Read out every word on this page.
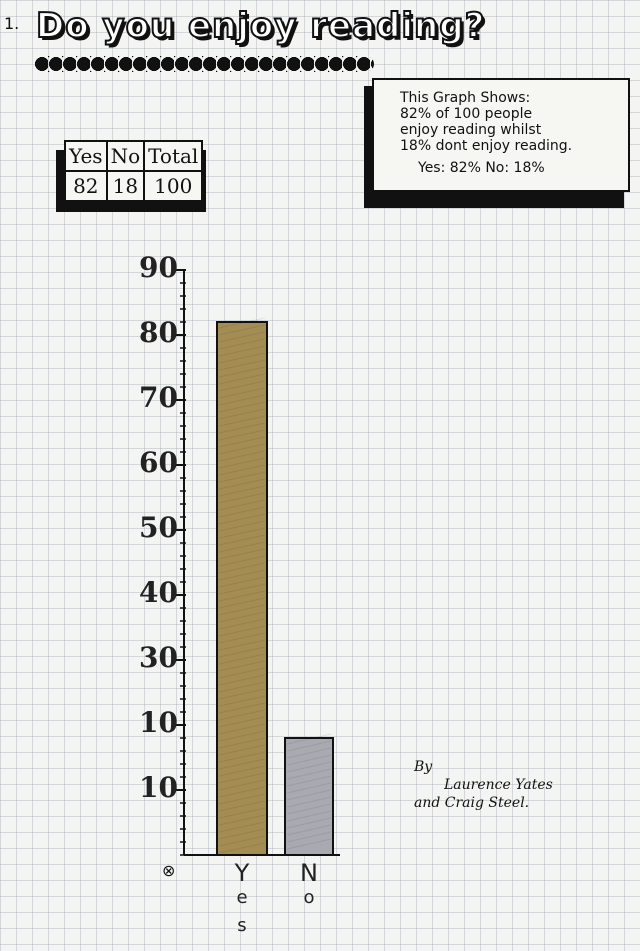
1. Do you enjoy reading?
Yes	No	Total
82	18	100
This Graph Shows:
82% of 100 people
enjoy reading whilst
18% dont enjoy reading.
Yes: 82% No: 18%
10
10
30
40
50
60
70
80
90
⊗	Y
e
s
N
o
By
Laurence Yates
and Craig Steel.
